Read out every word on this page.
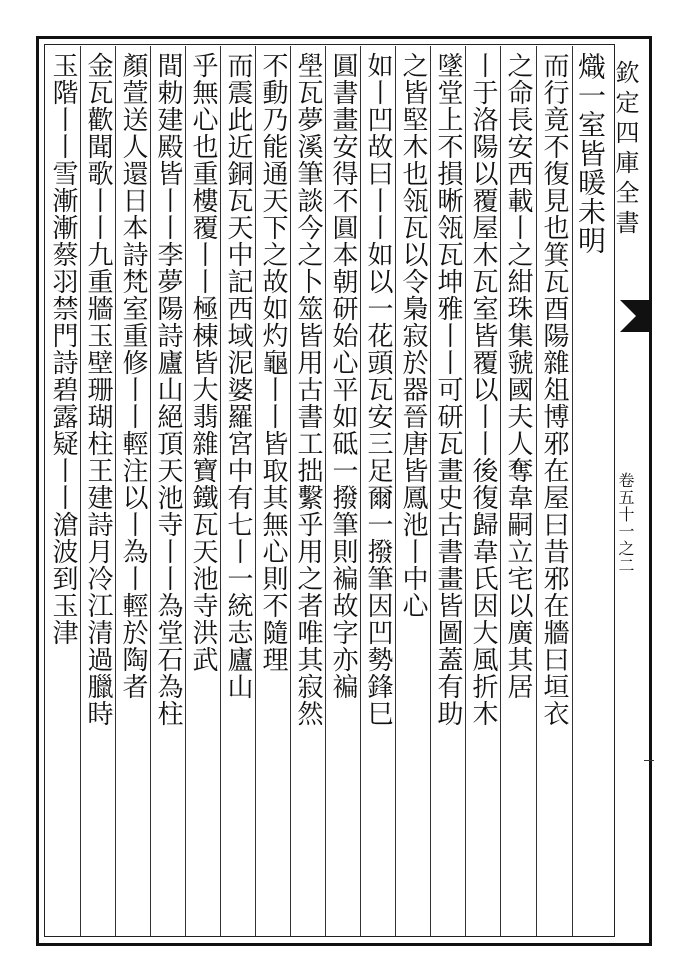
欽定四庫全書
卷五十一之二
熾一室皆暖未明
而行竟不復見也箕瓦酉陽雜俎博邪在屋曰昔邪在牆曰垣衣
之命長安西載丨之紺珠集虢國夫人奪韋嗣立宅以廣其居
丨于洛陽以覆屋木瓦室皆覆以丨丨後復歸韋氏因大風折木
墜堂上不損晰瓴瓦坤雅丨丨可研瓦畫史古書畫皆圖蓋有助
之皆堅木也瓴瓦以令梟寂於器晉唐皆鳳池丨中心
如丨凹故曰丨丨如以一花頭瓦安三足爾一撥筆因凹勢鋒巳
圓書畫安得不圓本朝研始心平如砥一撥筆則褊故字亦褊
壆瓦夢溪筆談今之卜筮皆用古書工拙繫乎用之者唯其寂然
不動乃能通天下之故如灼龜丨丨皆取其無心則不隨理
而震此近銅瓦天中記西域泥婆羅宮中有七丨一統志廬山
乎無心也重樓覆丨丨極棟皆大翡雜寶鐵瓦天池寺洪武
間勅建殿皆丨丨李夢陽詩廬山絕頂天池寺丨丨為堂石為柱
顏萱送人還日本詩梵室重修丨丨輕注以丨為丨輕於陶者
金瓦歡聞歌丨丨九重牆玉壁珊瑚柱王建詩月冷江清過臘時
玉階丨丨雪漸漸蔡羽禁門詩碧露疑丨丨滄波到玉津
